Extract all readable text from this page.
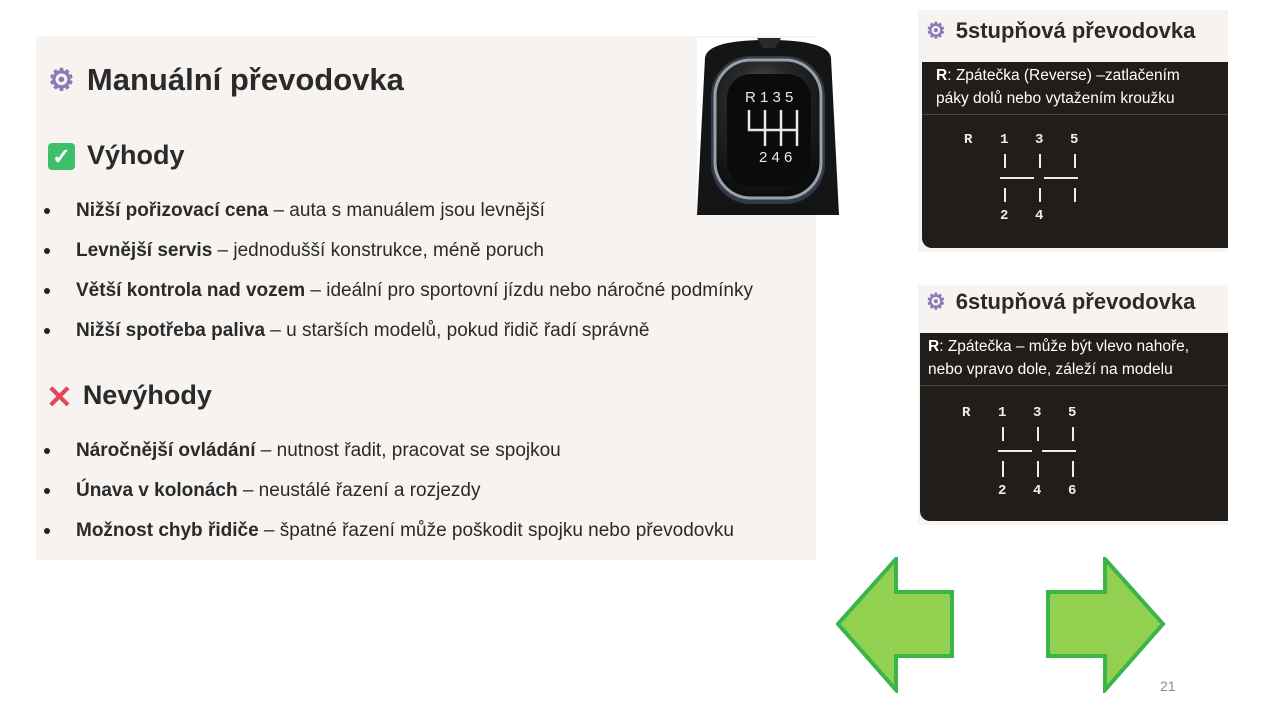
⚙ Manuální převodovka
✓ Výhody
Nižší pořizovací cena – auta s manuálem jsou levnější
Levnější servis – jednodušší konstrukce, méně poruch
Větší kontrola nad vozem – ideální pro sportovní jízdu nebo náročné podmínky
Nižší spotřeba paliva – u starších modelů, pokud řidič řadí správně
✕ Nevýhody
Náročnější ovládání – nutnost řadit, pracovat se spojkou
Únava v kolonách – neustálé řazení a rozjezdy
Možnost chyb řidiče – špatné řazení může poškodit spojku nebo převodovku
R 1 3 5
2 4 6
⚙ 5stupňová převodovka
R: Zpátečka (Reverse) –zatlačením
páky dolů nebo vytažením kroužku
R 1 3 5
2 4
⚙ 6stupňová převodovka
R: Zpátečka – může být vlevo nahoře,
nebo vpravo dole, záleží na modelu
R 1 3 5
2 4 6
21
